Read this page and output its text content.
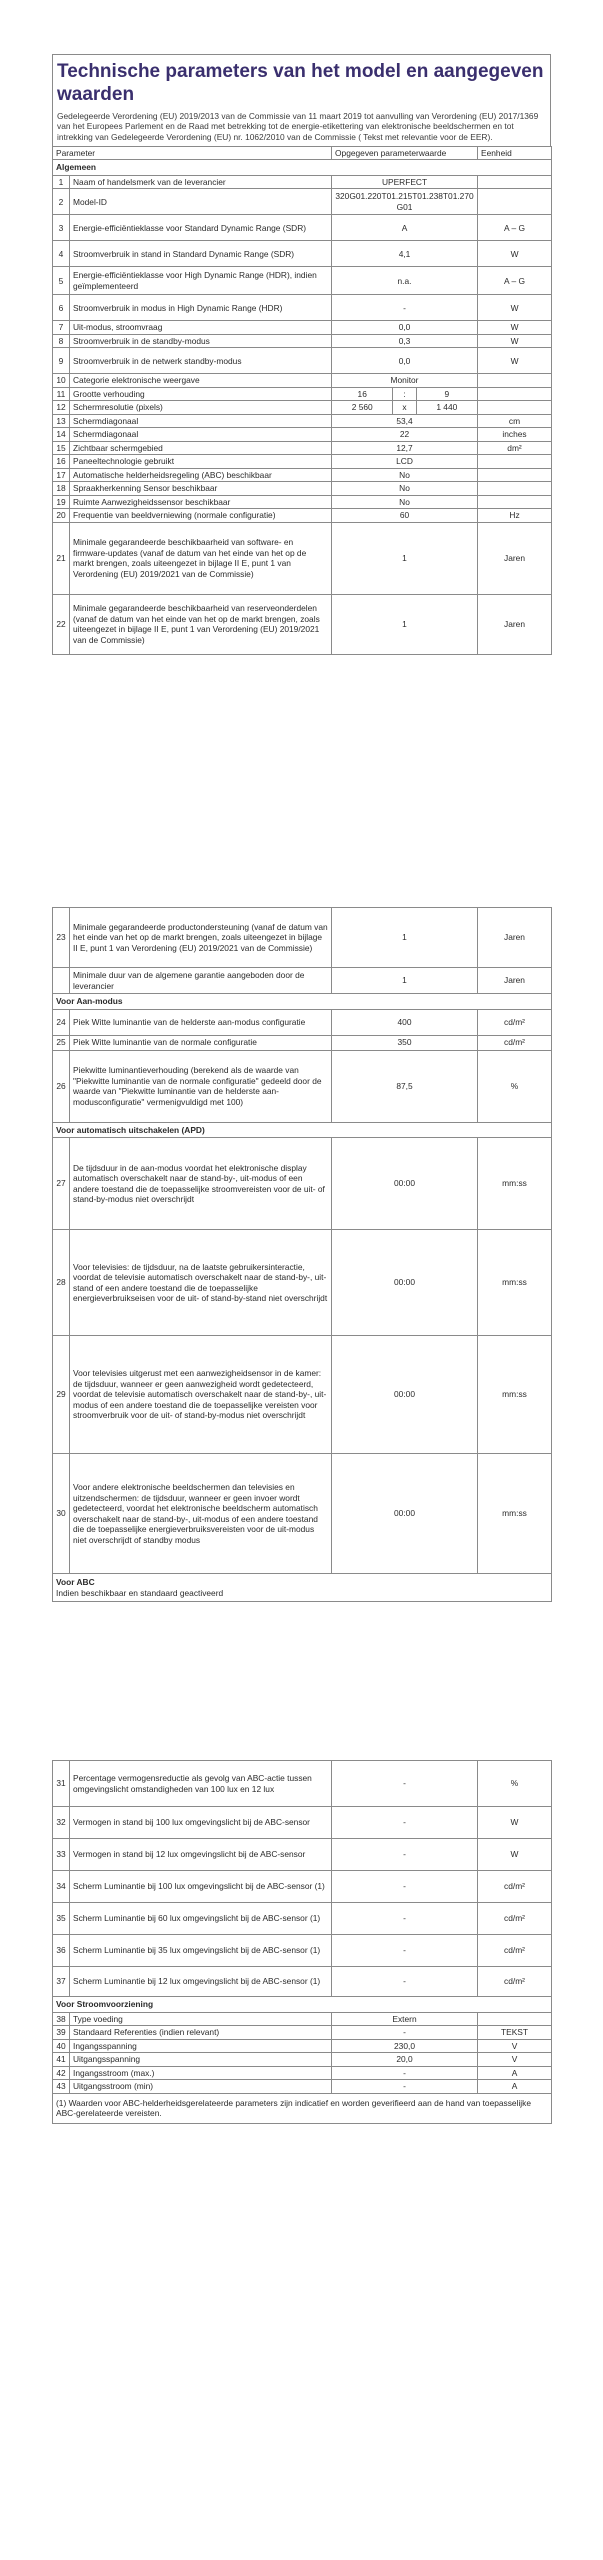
Technische parameters van het model en aangegeven waarden
Gedelegeerde Verordening (EU) 2019/2013 van de Commissie van 11 maart 2019 tot aanvulling van Verordening (EU) 2017/1369 van het Europees Parlement en de Raad met betrekking tot de energie-etikettering van elektronische beeldschermen en tot intrekking van Gedelegeerde Verordening (EU) nr. 1062/2010 van de Commissie ( Tekst met relevantie voor de EER).
Parameter	Opgegeven parameterwaarde	Eenheid
Algemeen
1	Naam of handelsmerk van de leverancier	UPERFECT	
2	Model-ID	320G01.220T01.215T01.238T01.270G01	
3	Energie-efficiëntieklasse voor Standard Dynamic Range (SDR)	A	A – G
4	Stroomverbruik in stand in Standard Dynamic Range (SDR)	4,1	W
5	Energie-efficiëntieklasse voor High Dynamic Range (HDR), indien geïmplementeerd	n.a.	A – G
6	Stroomverbruik in modus in High Dynamic Range (HDR)	-	W
7	Uit-modus, stroomvraag	0,0	W
8	Stroomverbruik in de standby-modus	0,3	W
9	Stroomverbruik in de netwerk standby-modus	0,0	W
10	Categorie elektronische weergave	Monitor	
11	Grootte verhouding		16	:	9

12	Schermresolutie (pixels)		2 560	x	1 440

13	Schermdiagonaal	53,4	cm
14	Schermdiagonaal	22	inches
15	Zichtbaar schermgebied	12,7	dm²
16	Paneeltechnologie gebruikt	LCD	
17	Automatische helderheidsregeling (ABC) beschikbaar	No	
18	Spraakherkenning Sensor beschikbaar	No	
19	Ruimte Aanwezigheidssensor beschikbaar	No	
20	Frequentie van beeldverniewing (normale configuratie)	60	Hz
21	Minimale gegarandeerde beschikbaarheid van software- en firmware-updates (vanaf de datum van het einde van het op de markt brengen, zoals uiteengezet in bijlage II E, punt 1 van Verordening (EU) 2019/2021 van de Commissie)	1	Jaren
22	Minimale gegarandeerde beschikbaarheid van reserveonderdelen (vanaf de datum van het einde van het op de markt brengen, zoals uiteengezet in bijlage II E, punt 1 van Verordening (EU) 2019/2021 van de Commissie)	1	Jaren
23	Minimale gegarandeerde productondersteuning (vanaf de datum van het einde van het op de markt brengen, zoals uiteengezet in bijlage II E, punt 1 van Verordening (EU) 2019/2021 van de Commissie)	1	Jaren
	Minimale duur van de algemene garantie aangeboden door de leverancier	1	Jaren
Voor Aan-modus			
24	Piek Witte luminantie van de helderste aan-modus configuratie	400	cd/m²
25	Piek Witte luminantie van de normale configuratie	350	cd/m²
26	Piekwitte luminantieverhouding (berekend als de waarde van "Piekwitte luminantie van de normale configuratie" gedeeld door de waarde van "Piekwitte luminantie van de helderste aan-modusconfiguratie" vermenigvuldigd met 100)	87,5	%
Voor automatisch uitschakelen (APD)			
27	De tijdsduur in de aan-modus voordat het elektronische display automatisch overschakelt naar de stand-by-, uit-modus of een andere toestand die de toepasselijke stroomvereisten voor de uit- of stand-by-modus niet overschrijdt	00:00	mm:ss
28	Voor televisies: de tijdsduur, na de laatste gebruikersinteractie, voordat de televisie automatisch overschakelt naar de stand-by-, uit-stand of een andere toestand die de toepasselijke energieverbruikseisen voor de uit- of stand-by-stand niet overschrijdt	00:00	mm:ss
29	Voor televisies uitgerust met een aanwezigheidsensor in de kamer: de tijdsduur, wanneer er geen aanwezigheid wordt gedetecteerd, voordat de televisie automatisch overschakelt naar de stand-by-, uit-modus of een andere toestand die de toepasselijke vereisten voor stroomverbruik voor de uit- of stand-by-modus niet overschrijdt	00:00	mm:ss
30	Voor andere elektronische beeldschermen dan televisies en uitzendschermen: de tijdsduur, wanneer er geen invoer wordt gedetecteerd, voordat het elektronische beeldscherm automatisch overschakelt naar de stand-by-, uit-modus of een andere toestand die de toepasselijke energieverbruiksvereisten voor de uit-modus niet overschrijdt of standby modus	00:00	mm:ss
Voor ABC
Indien beschikbaar en standaard geactiveerd			
31	Percentage vermogensreductie als gevolg van ABC-actie tussen omgevingslicht omstandigheden van 100 lux en 12 lux	-	%
32	Vermogen in stand bij 100 lux omgevingslicht bij de ABC-sensor	-	W
33	Vermogen in stand bij 12 lux omgevingslicht bij de ABC-sensor	-	W
34	Scherm Luminantie bij 100 lux omgevingslicht bij de ABC-sensor (1)	-	cd/m²
35	Scherm Luminantie bij 60 lux omgevingslicht bij de ABC-sensor (1)	-	cd/m²
36	Scherm Luminantie bij 35 lux omgevingslicht bij de ABC-sensor (1)	-	cd/m²
37	Scherm Luminantie bij 12 lux omgevingslicht bij de ABC-sensor (1)	-	cd/m²
Voor Stroomvoorziening			
38	Type voeding	Extern	
39	Standaard Referenties (indien relevant)	-	TEKST
40	Ingangsspanning	230,0	V
41	Uitgangsspanning	20,0	V
42	Ingangsstroom (max.)	-	A
43	Uitgangsstroom (min)	-	A
(1) Waarden voor ABC-helderheidsgerelateerde parameters zijn indicatief en worden geverifieerd aan de hand van toepasselijke ABC-gerelateerde vereisten.			
